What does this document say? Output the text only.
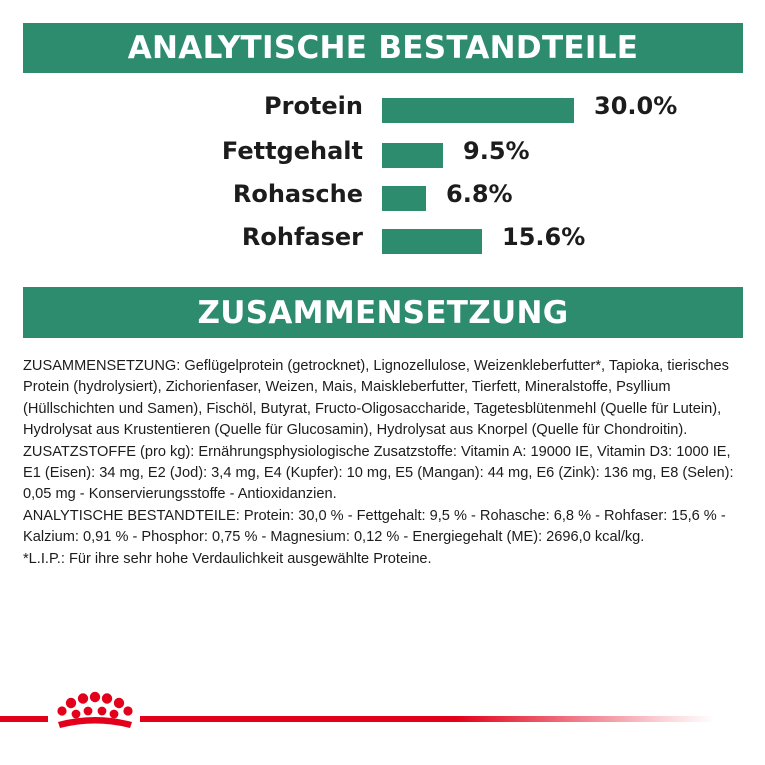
ANALYTISCHE BESTANDTEILE
Protein	30.0%
Fettgehalt	9.5%
Rohasche	6.8%
Rohfaser	15.6%
ZUSAMMENSETZUNG

ZUSAMMENSETZUNG: Geflügelprotein (getrocknet), Lignozellulose, Weizenkleberfutter*, Tapioka, tierisches Protein (hydrolysiert), Zichorienfaser, Weizen, Mais, Maiskleberfutter, Tierfett, Mineralstoffe, Psyllium (Hüllschichten und Samen), Fischöl, Butyrat, Fructo-Oligosaccharide, Tagetesblütenmehl (Quelle für Lutein), Hydrolysat aus Krustentieren (Quelle für Glucosamin), Hydrolysat aus Knorpel (Quelle für Chondroitin).

ZUSATZSTOFFE (pro kg): Ernährungsphysiologische Zusatzstoffe: Vitamin A: 19000 IE, Vitamin D3: 1000 IE, E1 (Eisen): 34 mg, E2 (Jod): 3,4 mg, E4 (Kupfer): 10 mg, E5 (Mangan): 44 mg, E6 (Zink): 136 mg, E8 (Selen): 0,05 mg - Konservierungsstoffe - Antioxidanzien.

ANALYTISCHE BESTANDTEILE: Protein: 30,0 % - Fettgehalt: 9,5 % - Rohasche: 6,8 % - Rohfaser: 15,6 % - Kalzium: 0,91 % - Phosphor: 0,75 % - Magnesium: 0,12 % - Energiegehalt (ME): 2696,0 kcal/kg.

*L.I.P.: Für ihre sehr hohe Verdaulichkeit ausgewählte Proteine.
